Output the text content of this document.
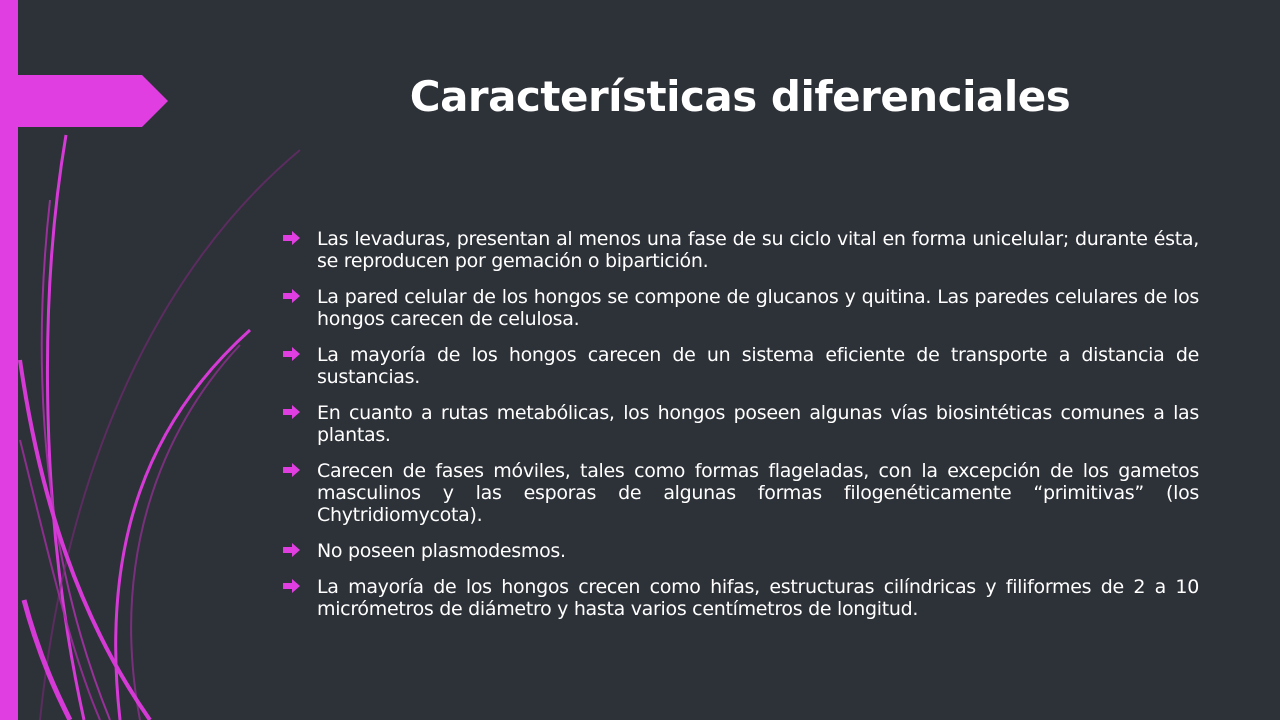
Características diferenciales
Las levaduras, presentan al menos una fase de su ciclo vital en forma unicelular; durante ésta, se reproducen por gemación o bipartición.
La pared celular de los hongos se compone de glucanos y quitina. Las paredes celulares de los hongos carecen de celulosa.
La mayoría de los hongos carecen de un sistema eficiente de transporte a distancia de sustancias.
En cuanto a rutas metabólicas, los hongos poseen algunas vías biosintéticas comunes a las plantas.
Carecen de fases móviles, tales como formas flageladas, con la excepción de los gametos masculinos y las esporas de algunas formas filogenéticamente “primitivas” (los Chytridiomycota).
No poseen plasmodesmos.
La mayoría de los hongos crecen como hifas, estructuras cilíndricas y filiformes de 2 a 10 micrómetros de diámetro y hasta varios centímetros de longitud.
